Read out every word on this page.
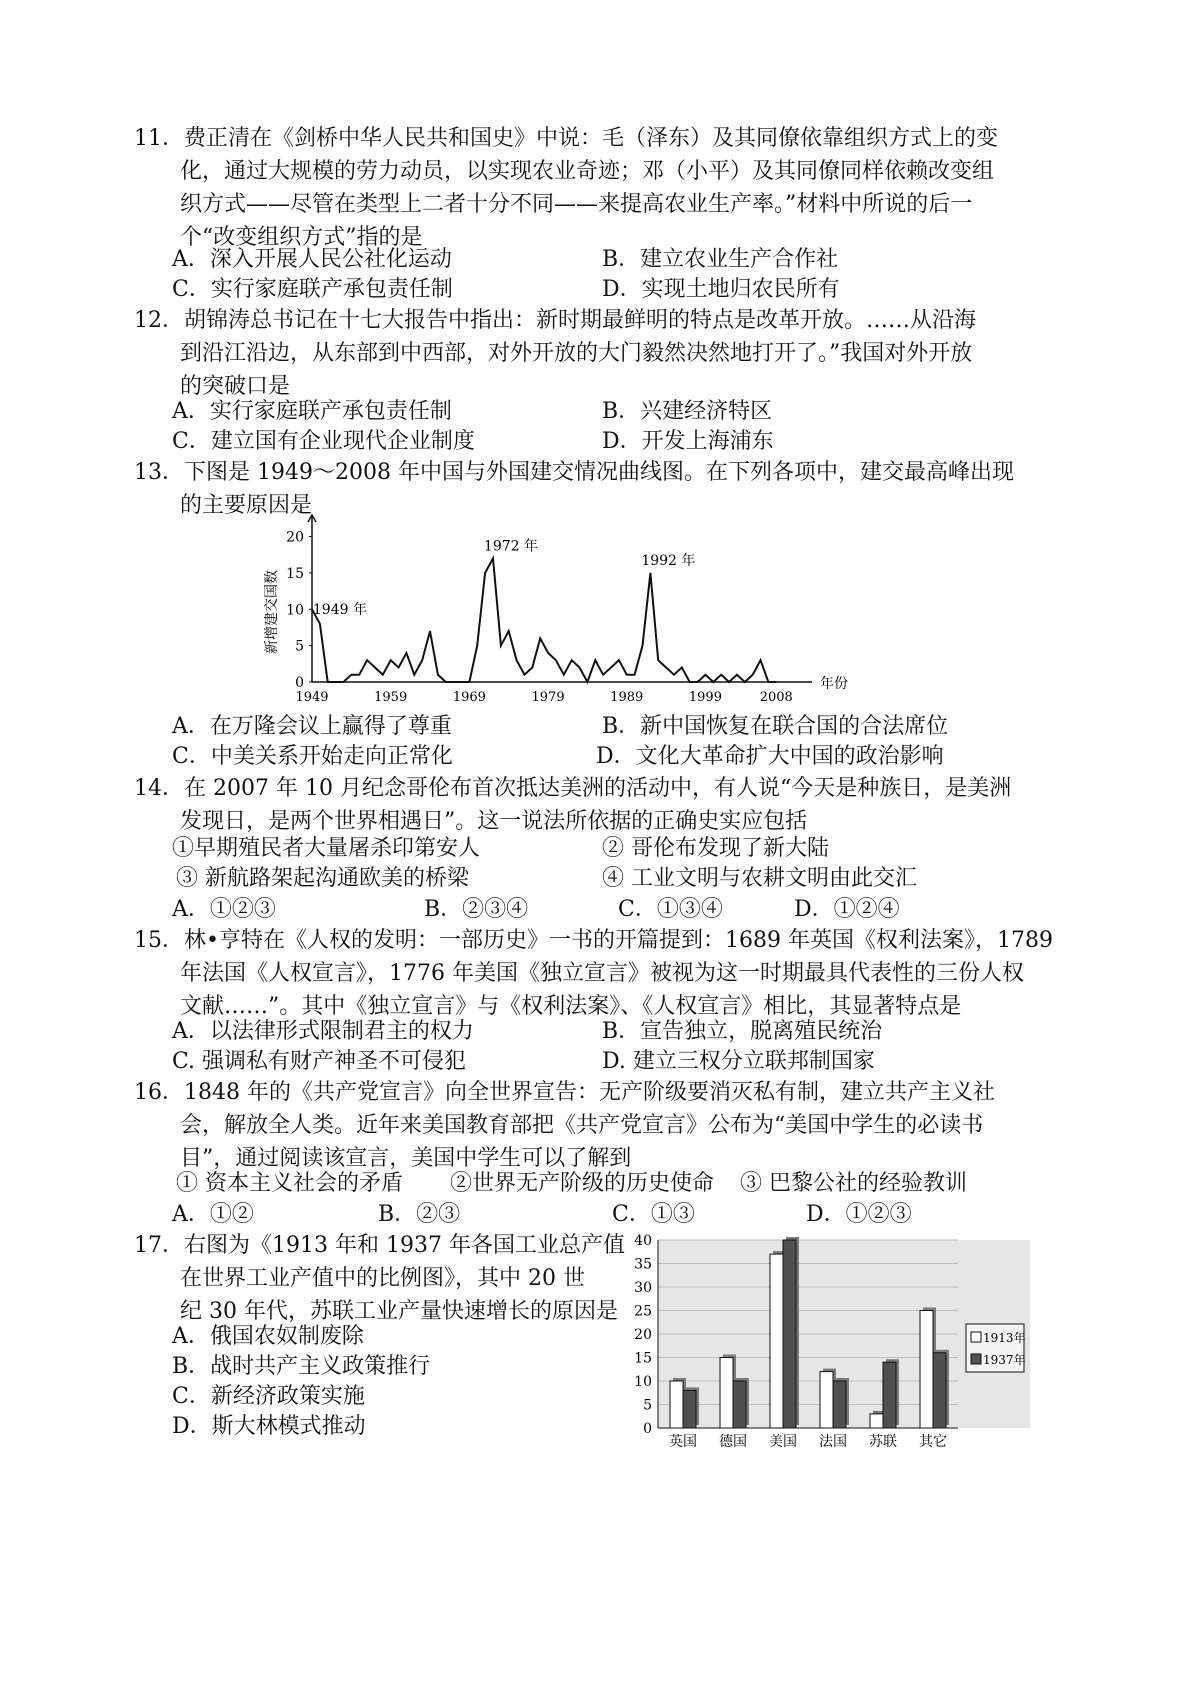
11．费正清在《剑桥中华人民共和国史》中说：毛（泽东）及其同僚依靠组织方式上的变
化，通过大规模的劳力动员，以实现农业奇迹；邓（小平）及其同僚同样依赖改变组
织方式——尽管在类型上二者十分不同——来提高农业生产率。”材料中所说的后一
个“改变组织方式”指的是
A．深入开展人民公社化运动	B．建立农业生产合作社
C．实行家庭联产承包责任制	D．实现土地归农民所有
12．胡锦涛总书记在十七大报告中指出：新时期最鲜明的特点是改革开放。……从沿海
到沿江沿边，从东部到中西部，对外开放的大门毅然决然地打开了。”我国对外开放
的突破口是
A．实行家庭联产承包责任制	B．兴建经济特区
C．建立国有企业现代企业制度	D．开发上海浦东
13．下图是 1949～2008 年中国与外国建交情况曲线图。在下列各项中，建交最高峰出现
的主要原因是
0
5
10
15
20
1949	1959	1969	1979	1989	1999	2008
年份
新增建交国数 1949 年
1972 年
1992 年
A．在万隆会议上赢得了尊重	B．新中国恢复在联合国的合法席位
C．中美关系开始走向正常化	D．文化大革命扩大中国的政治影响
14．在 2007 年 10 月纪念哥伦布首次抵达美洲的活动中，有人说“今天是种族日，是美洲
发现日，是两个世界相遇日”。这一说法所依据的正确史实应包括
①早期殖民者大量屠杀印第安人	② 哥伦布发现了新大陆
③ 新航路架起沟通欧美的桥梁	④ 工业文明与农耕文明由此交汇
A．①②③	B．②③④	C．①③④	D．①②④
15．林•亨特在《人权的发明：一部历史》一书的开篇提到：1689 年英国《权利法案》，1789
年法国《人权宣言》，1776 年美国《独立宣言》被视为这一时期最具代表性的三份人权
文献……”。其中《独立宣言》与《权利法案》、《人权宣言》相比，其显著特点是
A．以法律形式限制君主的权力	B．宣告独立，脱离殖民统治
C. 强调私有财产神圣不可侵犯	D. 建立三权分立联邦制国家
16．1848 年的《共产党宣言》向全世界宣告：无产阶级要消灭私有制，建立共产主义社
会，解放全人类。近年来美国教育部把《共产党宣言》公布为“美国中学生的必读书
目”，通过阅读该宣言，美国中学生可以了解到
① 资本主义社会的矛盾 ②世界无产阶级的历史使命 ③ 巴黎公社的经验教训
A．①②	B．②③	C．①③	D．①②③
17．右图为《1913 年和 1937 年各国工业总产值
在世界工业产值中的比例图》，其中 20 世
纪 30 年代，苏联工业产量快速增长的原因是
A．俄国农奴制废除
B．战时共产主义政策推行
C．新经济政策实施
D．斯大林模式推动	0
5
10
15
20
25
30
35
40
英国 德国 美国 法国 苏联 其它
1913年
1937年
